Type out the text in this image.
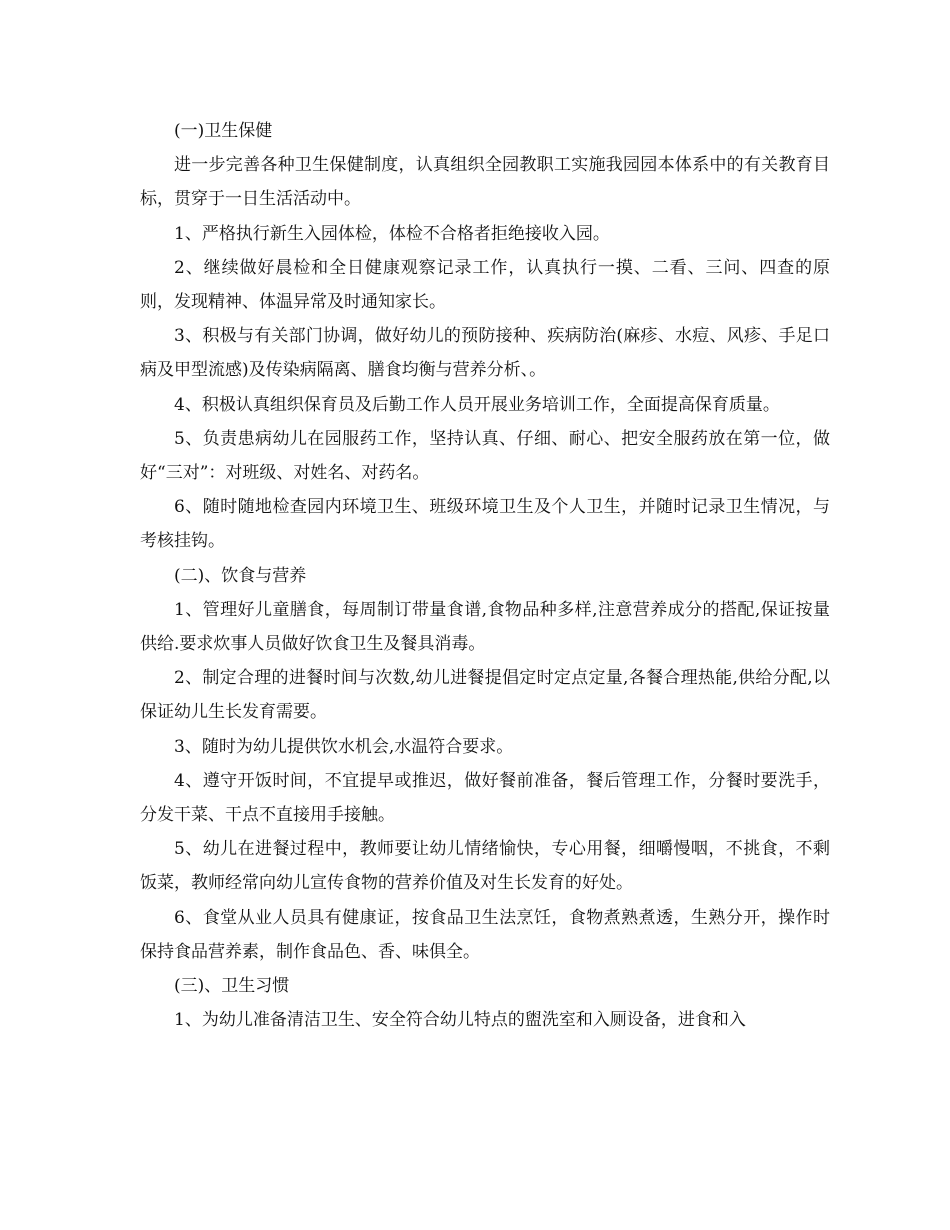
(一)卫生保健

进一步完善各种卫生保健制度，认真组织全园教职工实施我园园本体系中的有关教育目标，贯穿于一日生活活动中。

1、严格执行新生入园体检，体检不合格者拒绝接收入园。

2、继续做好晨检和全日健康观察记录工作，认真执行一摸、二看、三问、四查的原则，发现精神、体温异常及时通知家长。

3、积极与有关部门协调，做好幼儿的预防接种、疾病防治(麻疹、水痘、风疹、手足口病及甲型流感)及传染病隔离、膳食均衡与营养分析、。

4、积极认真组织保育员及后勤工作人员开展业务培训工作，全面提高保育质量。

5、负责患病幼儿在园服药工作，坚持认真、仔细、耐心、把安全服药放在第一位，做好“三对”：对班级、对姓名、对药名。

6、随时随地检查园内环境卫生、班级环境卫生及个人卫生，并随时记录卫生情况，与考核挂钩。

(二)、饮食与营养

1、管理好儿童膳食，每周制订带量食谱,食物品种多样,注意营养成分的搭配,保证按量供给.要求炊事人员做好饮食卫生及餐具消毒。

2、制定合理的进餐时间与次数,幼儿进餐提倡定时定点定量,各餐合理热能,供给分配,以保证幼儿生长发育需要。

3、随时为幼儿提供饮水机会,水温符合要求。

4、遵守开饭时间，不宜提早或推迟，做好餐前准备，餐后管理工作，分餐时要洗手，分发干菜、干点不直接用手接触。

5、幼儿在进餐过程中，教师要让幼儿情绪愉快，专心用餐，细嚼慢咽，不挑食，不剩饭菜，教师经常向幼儿宣传食物的营养价值及对生长发育的好处。

6、食堂从业人员具有健康证，按食品卫生法烹饪，食物煮熟煮透，生熟分开，操作时保持食品营养素，制作食品色、香、味俱全。

(三)、卫生习惯

1、为幼儿准备清洁卫生、安全符合幼儿特点的盥洗室和入厕设备，进食和入
